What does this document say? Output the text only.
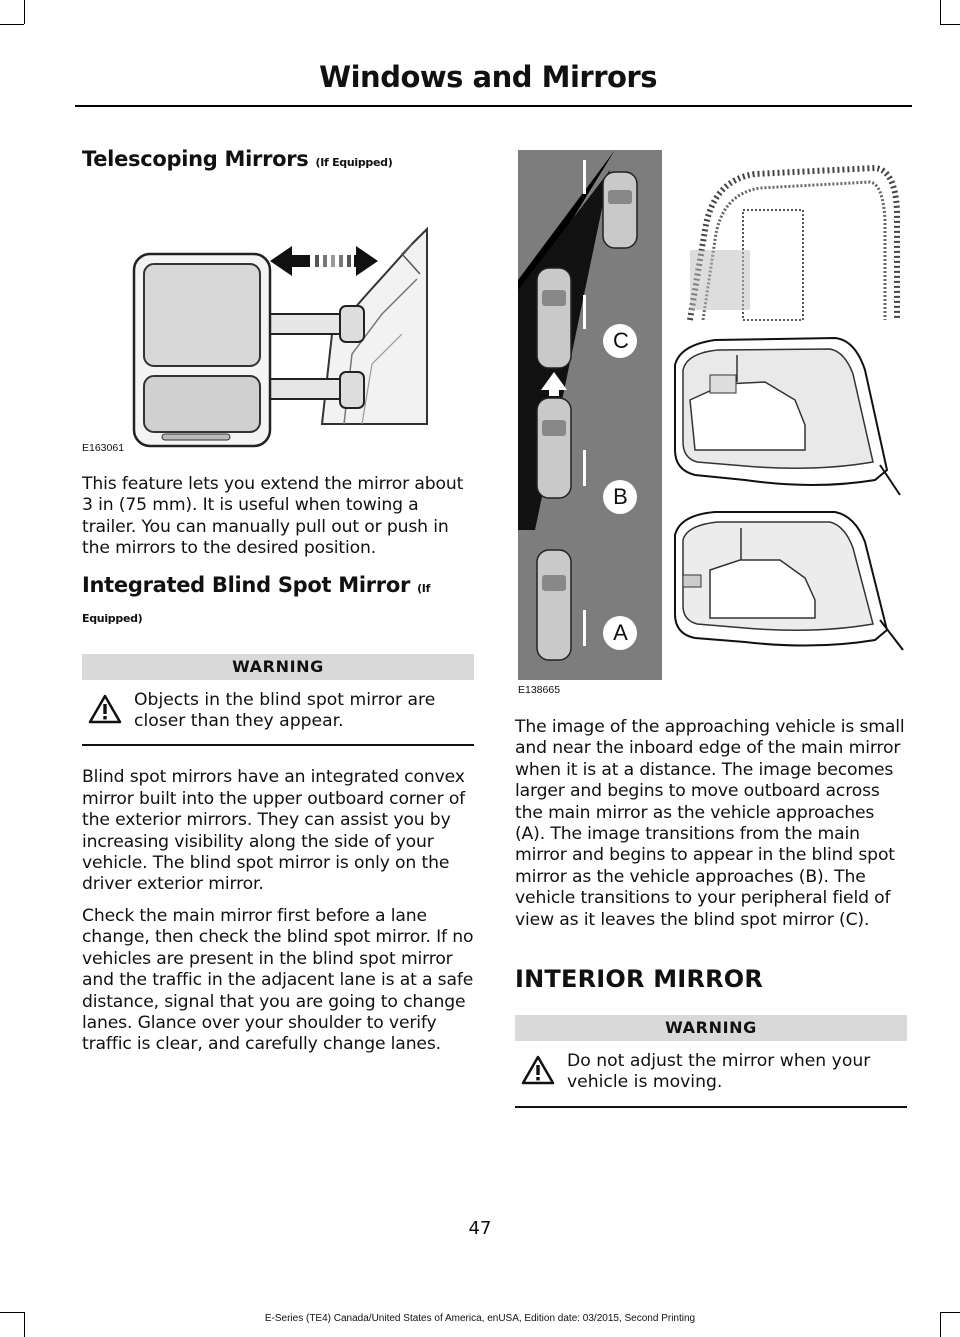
Windows and Mirrors
Telescoping Mirrors (If Equipped)
E163061

This feature lets you extend the mirror about 3 in (75 mm). It is useful when towing a trailer. You can manually pull out or push in the mirrors to the desired position.

Integrated Blind Spot Mirror (If
Equipped)
WARNING
Objects in the blind spot mirror are closer than they appear.

Blind spot mirrors have an integrated convex mirror built into the upper outboard corner of the exterior mirrors. They can assist you by increasing visibility along the side of your vehicle. The blind spot mirror is only on the driver exterior mirror.

Check the main mirror first before a lane change, then check the blind spot mirror. If no vehicles are present in the blind spot mirror and the traffic in the adjacent lane is at a safe distance, signal that you are going to change lanes. Glance over your shoulder to verify traffic is clear, and carefully change lanes.

C
B
A
E138665

The image of the approaching vehicle is small and near the inboard edge of the main mirror when it is at a distance. The image becomes larger and begins to move outboard across the main mirror as the vehicle approaches (A). The image transitions from the main mirror and begins to appear in the blind spot mirror as the vehicle approaches (B). The vehicle transitions to your peripheral field of view as it leaves the blind spot mirror (C).

INTERIOR MIRROR
WARNING
Do not adjust the mirror when your vehicle is moving.
47
E-Series (TE4) Canada/United States of America, enUSA, Edition date: 03/2015, Second Printing
